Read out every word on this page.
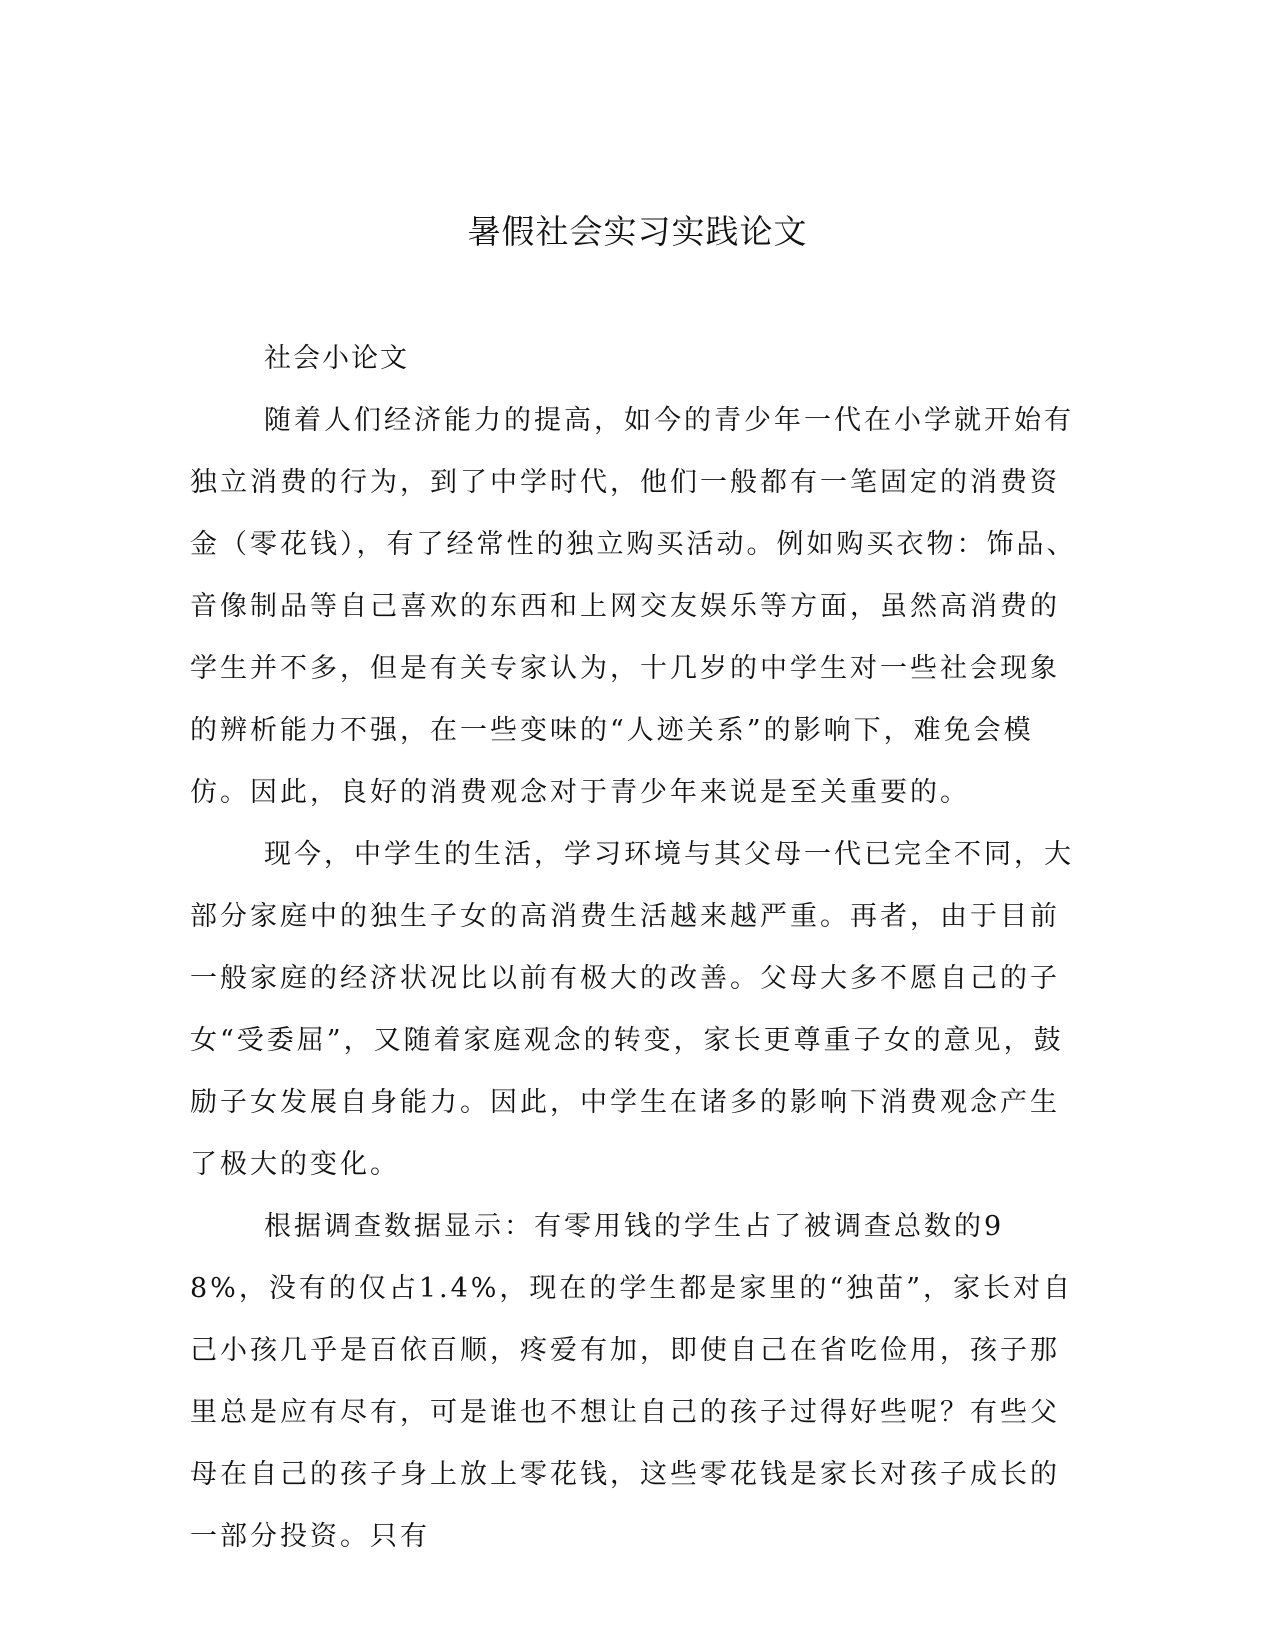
暑假社会实习实践论文

社会小论文

随着人们经济能力的提高，如今的青少年一代在小学就开始有独立消费的行为，到了中学时代，他们一般都有一笔固定的消费资金（零花钱），有了经常性的独立购买活动。例如购买衣物：饰品、音像制品等自己喜欢的东西和上网交友娱乐等方面，虽然高消费的学生并不多，但是有关专家认为，十几岁的中学生对一些社会现象的辨析能力不强，在一些变味的“人迹关系”的影响下，难免会模仿。因此，良好的消费观念对于青少年来说是至关重要的。

现今，中学生的生活，学习环境与其父母一代已完全不同，大部分家庭中的独生子女的高消费生活越来越严重。再者，由于目前一般家庭的经济状况比以前有极大的改善。父母大多不愿自己的子女“受委屈”，又随着家庭观念的转变，家长更尊重子女的意见，鼓励子女发展自身能力。因此，中学生在诸多的影响下消费观念产生了极大的变化。

根据调查数据显示：有零用钱的学生占了被调查总数的98%，没有的仅占1.4%，现在的学生都是家里的“独苗”，家长对自己小孩几乎是百依百顺，疼爱有加，即使自己在省吃俭用，孩子那里总是应有尽有，可是谁也不想让自己的孩子过得好些呢？有些父母在自己的孩子身上放上零花钱，这些零花钱是家长对孩子成长的一部分投资。只有
